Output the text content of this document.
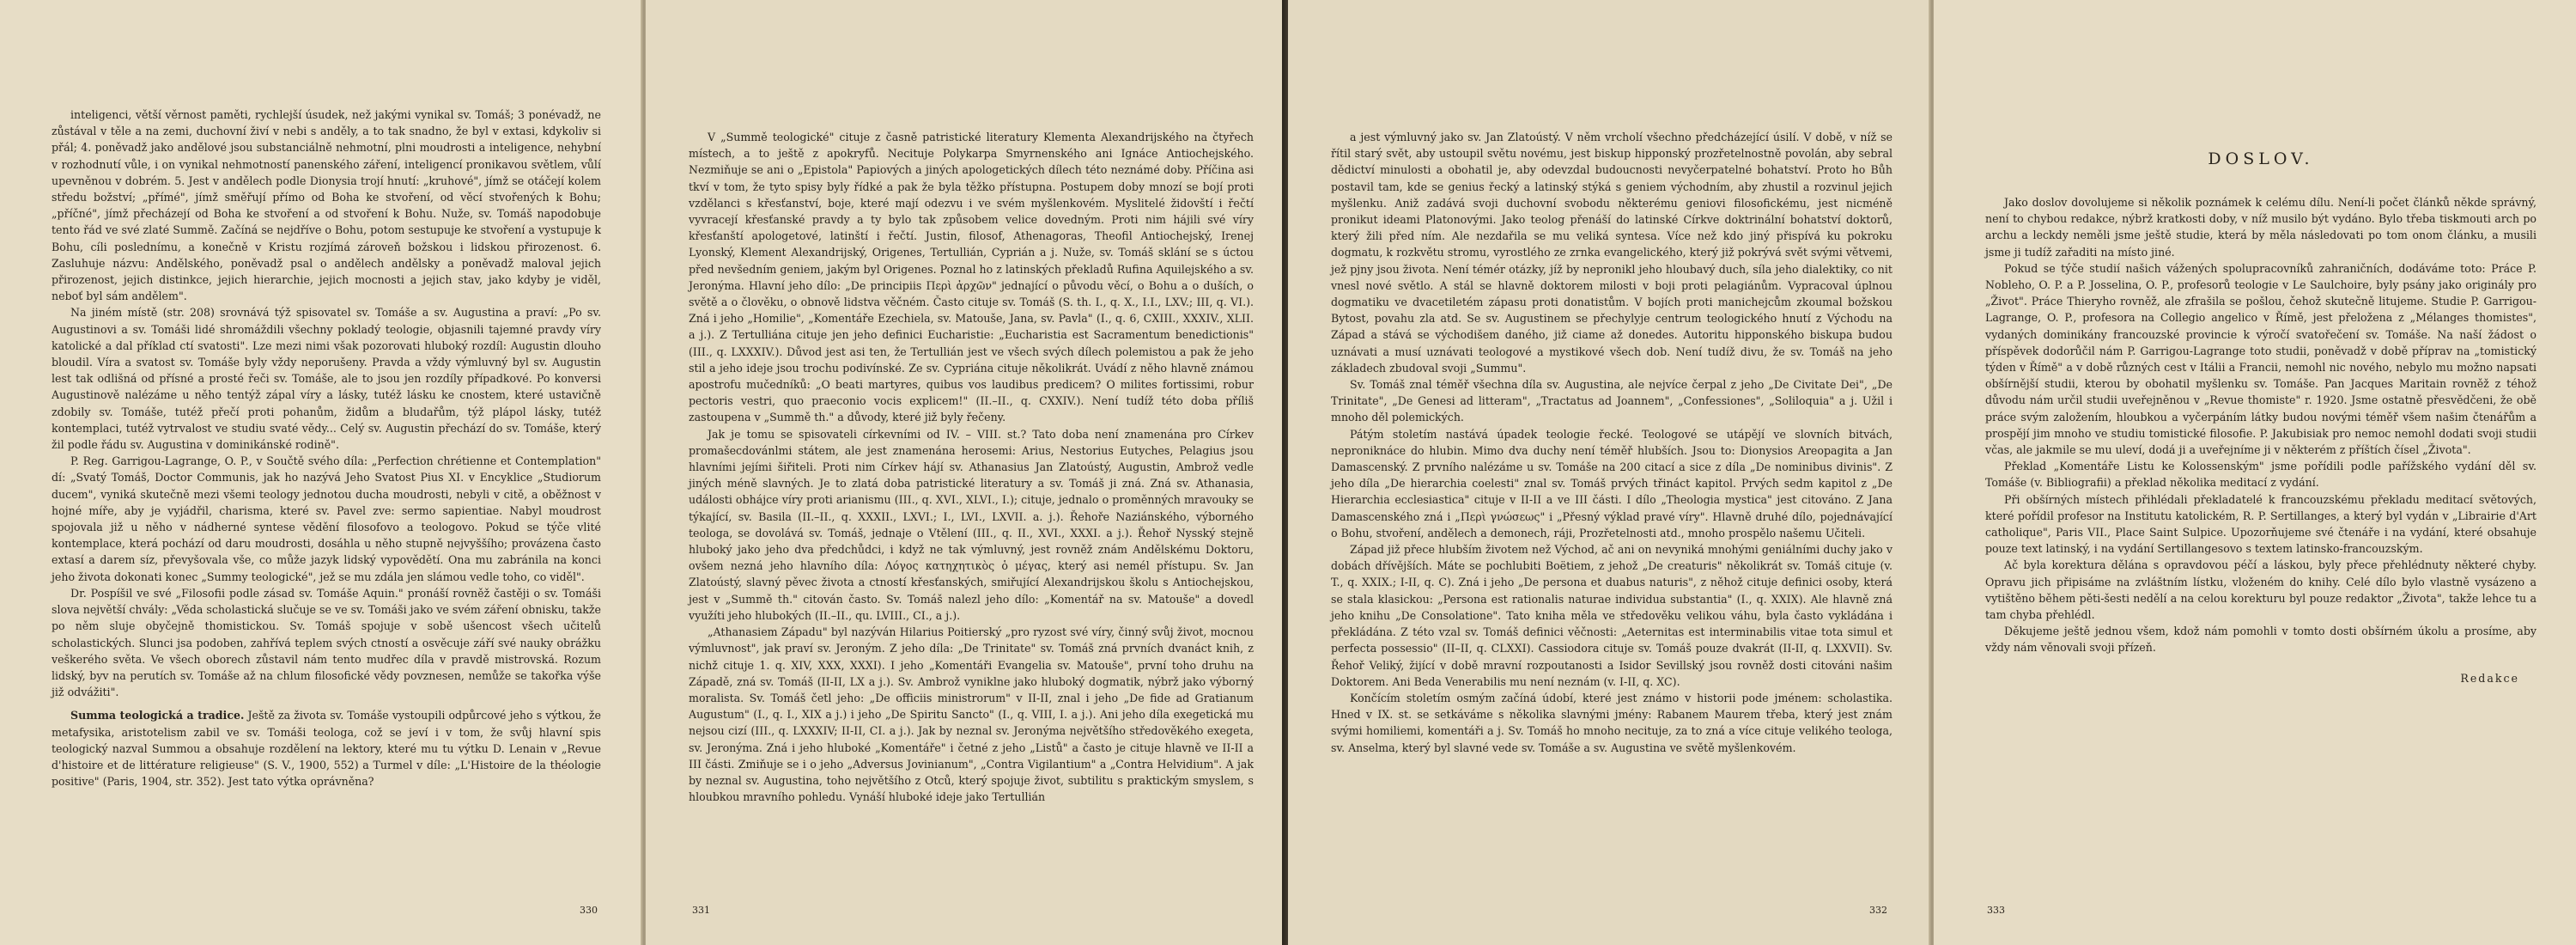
inteligenci, větší věrnost paměti, rychlejší úsudek, než jakými vynikal sv. Tomáš; 3 ponévadž, ne zůstával v těle a na zemi, duchovní živí v nebi s anděly, a to tak snadno, že byl v extasi, kdykoliv si přál; 4. poněvadž jako andělové jsou substanciálně nehmotní, plni moudrosti a inteligence, nehybní v rozhodnutí vůle, i on vynikal nehmotností panenského záření, inteligencí pronikavou světlem, vůlí upevněnou v dobrém. 5. Jest v andělech podle Dionysia trojí hnutí: „kruhové", jímž se otáčejí kolem středu božství; „přímé", jímž směřují přímo od Boha ke stvoření, od věcí stvořených k Bohu; „příčné", jímž přecházejí od Boha ke stvoření a od stvoření k Bohu. Nuže, sv. Tomáš napodobuje tento řád ve své zlaté Summě. Začíná se nejdříve o Bohu, potom sestupuje ke stvoření a vystupuje k Bohu, cíli poslednímu, a konečně v Kristu rozjímá zároveň božskou i lidskou přirozenost. 6. Zasluhuje názvu: Andělského, poněvadž psal o andělech andělsky a poněvadž maloval jejich přirozenost, jejich distinkce, jejich hierarchie, jejich mocnosti a jejich stav, jako kdyby je viděl, neboť byl sám andělem".

Na jiném místě (str. 208) srovnává týž spisovatel sv. Tomáše a sv. Augustina a praví: „Po sv. Augustinovi a sv. Tomáši lidé shromáždili všechny pokladý teologie, objasnili tajemné pravdy víry katolické a dal příklad ctí svatosti". Lze mezi nimi však pozorovati hluboký rozdíl: Augustin dlouho bloudil. Víra a svatost sv. Tomáše byly vždy neporušeny. Pravda a vždy výmluvný byl sv. Augustin lest tak odlišná od přísné a prosté řeči sv. Tomáše, ale to jsou jen rozdíly případkové. Po konversi Augustinově nalézáme u něho tentýž zápal víry a lásky, tutéž lásku ke cnostem, které ustavičně zdobily sv. Tomáše, tutéž přečí proti pohanům, židům a bludařům, týž plápol lásky, tutéž kontemplaci, tutéž vytrvalost ve studiu svaté vědy... Celý sv. Augustin přechází do sv. Tomáše, který žil podle řádu sv. Augustina v dominikánské rodině".

P. Reg. Garrigou-Lagrange, O. P., v Součtě svého díla: „Perfection chrétienne et Contemplation" dí: „Svatý Tomáš, Doctor Communis, jak ho nazývá Jeho Svatost Pius XI. v Encyklice „Studiorum ducem", vyniká skutečně mezi všemi teology jednotou ducha moudrosti, nebyli v citě, a oběžnost v hojné míře, aby je vyjádřil, charisma, které sv. Pavel zve: sermo sapientiae. Nabyl moudrost spojovala již u něho v nádherné syntese vědění filosofovo a teologovo. Pokud se týče vlité kontemplace, která pochází od daru moudrosti, dosáhla u něho stupně nejvyššího; provázena často extasí a darem síz, převyšovala vše, co může jazyk lidský vypovědětí. Ona mu zabránila na konci jeho života dokonati konec „Summy teologické", jež se mu zdála jen slámou vedle toho, co viděl".

Dr. Pospíšil ve své „Filosofii podle zásad sv. Tomáše Aquin." pronáší rovněž častěji o sv. Tomáši slova největší chvály: „Věda scholastická slučuje se ve sv. Tomáši jako ve svém záření obnisku, takže po něm sluje obyčejně thomistickou. Sv. Tomáš spojuje v sobě ušencost všech učitelů scholastických. Slunci jsa podoben, zahřívá teplem svých ctností a osvěcuje září své nauky obrážku veškerého světa. Ve všech oborech zůstavil nám tento mudřec díla v pravdě mistrovská. Rozum lidský, byv na perutích sv. Tomáše až na chlum filosofické vědy povznesen, nemůže se takořka výše již odvážiti".

Summa teologická a tradice. Ještě za života sv. Tomáše vystoupili odpůrcové jeho s výtkou, že metafysika, aristotelism zabil ve sv. Tomáši teologa, což se jeví i v tom, že svůj hlavní spis teologický nazval Summou a obsahuje rozdělení na lektory, které mu tu výtku D. Lenain v „Revue d'histoire et de littérature religieuse" (S. V., 1900, 552) a Turmel v díle: „L'Histoire de la théologie positive" (Paris, 1904, str. 352). Jest tato výtka oprávněna?

330

V „Summě teologické" cituje z časně patristické literatury Klementa Alexandrijského na čtyřech místech, a to ještě z apokryfů. Necituje Polykarpa Smyrnenského ani Ignáce Antiochejského. Nezmiňuje se ani o „Epistola" Papiových a jiných apologetických dílech této neznámé doby. Příčina asi tkví v tom, že tyto spisy byly řídké a pak že byla těžko přístupna. Postupem doby mnozí se bojí proti vzdělanci s křesťanství, boje, které mají odezvu i ve svém myšlenkovém. Myslitelé židovští i řečtí vyvracejí křesťanské pravdy a ty bylo tak způsobem velice dovedným. Proti nim hájili své víry křesťanští apologetové, latinští i řečtí. Justin, filosof, Athenagoras, Theofil Antiochejský, Irenej Lyonský, Klement Alexandrijský, Origenes, Tertullián, Cyprián a j. Nuže, sv. Tomáš sklání se s úctou před nevšedním geniem, jakým byl Origenes. Poznal ho z latinských překladů Rufina Aquilejského a sv. Jeronýma. Hlavní jeho dílo: „De principiis Περὶ ἀρχῶν" jednající o původu věcí, o Bohu a o duších, o světě a o člověku, o obnově lidstva věčném. Často cituje sv. Tomáš (S. th. I., q. X., I.I., LXV.; III, q. VI.). Zná i jeho „Homilie", „Komentáře Ezechiela, sv. Matouše, Jana, sv. Pavla" (I., q. 6, CXIII., XXXIV., XLII. a j.). Z Tertulliána cituje jen jeho definici Eucharistie: „Eucharistia est Sacramentum benedictionis" (III., q. LXXXIV.). Důvod jest asi ten, že Tertullián jest ve všech svých dílech polemistou a pak že jeho stil a jeho ideje jsou trochu podivínské. Ze sv. Cypriána cituje několikrát. Uvádí z něho hlavně známou apostrofu mučedníků: „O beati martyres, quibus vos laudibus predicem? O milites fortissimi, robur pectoris vestri, quo praeconio vocis explicem!" (II.–II., q. CXXIV.). Není tudíž této doba příliš zastoupena v „Summě th." a důvody, které již byly řečeny.

Jak je tomu se spisovateli církevními od IV. – VIII. st.? Tato doba není znamenána pro Církev promašecdovánlmi státem, ale jest znamenána herosemi: Arius, Nestorius Eutyches, Pelagius jsou hlavními jejími šiřiteli. Proti nim Církev hájí sv. Athanasius Jan Zlatoústý, Augustin, Ambrož vedle jiných méně slavných. Je to zlatá doba patristické literatury a sv. Tomáš ji zná. Zná sv. Athanasia, události obhájce víry proti arianismu (III., q. XVI., XLVI., I.); cituje, jednalo o proměnných mravouky se týkající, sv. Basila (II.–II., q. XXXII., LXVI.; I., LVI., LXVII. a. j.). Řehoře Naziánského, výborného teologa, se dovolává sv. Tomáš, jednaje o Vtělení (III., q. II., XVI., XXXI. a j.). Řehoř Nysský stejně hluboký jako jeho dva předchůdci, i když ne tak výmluvný, jest rovněž znám Andělskému Doktoru, ovšem nezná jeho hlavního díla: Λόγος κατηχητικὸς ὁ μέγας, který asi nemél přístupu. Sv. Jan Zlatoústý, slavný pěvec života a ctností křesťanských, smiřující Alexandrijskou školu s Antiochejskou, jest v „Summě th." citován často. Sv. Tomáš nalezl jeho dílo: „Komentář na sv. Matouše" a dovedl využíti jeho hlubokých (II.–II., qu. LVIII., CI., a j.).

„Athanasiem Západu" byl nazýván Hilarius Poitierský „pro ryzost své víry, činný svůj život, mocnou výmluvnost", jak praví sv. Jeroným. Z jeho díla: „De Trinitate" sv. Tomáš zná prvních dvanáct knih, z nichž cituje 1. q. XIV, XXX, XXXI). I jeho „Komentáři Evangelia sv. Matouše", první toho druhu na Západě, zná sv. Tomáš (II-II, LX a j.). Sv. Ambrož vyniklne jako hluboký dogmatik, nýbrž jako výborný moralista. Sv. Tomáš četl jeho: „De officiis ministrorum" v II-II, znal i jeho „De fide ad Gratianum Augustum" (I., q. I., XIX a j.) i jeho „De Spiritu Sancto" (I., q. VIII, I. a j.). Ani jeho díla exegetická mu nejsou cizí (III., q. LXXXIV; II-II, CI. a j.). Jak by neznal sv. Jeronýma největšího středověkého exegeta, sv. Jeronýma. Zná i jeho hluboké „Komentáře" i četné z jeho „Listů" a často je cituje hlavně ve II-II a III části. Zmiňuje se i o jeho „Adversus Jovinianum", „Contra Vigilantium" a „Contra Helvidium". A jak by neznal sv. Augustina, toho největšího z Otců, který spojuje život, subtilitu s praktickým smyslem, s hloubkou mravního pohledu. Vynáší hluboké ideje jako Tertullián

331

a jest výmluvný jako sv. Jan Zlatoústý. V něm vrcholí všechno předcházející úsilí. V době, v níž se řítil starý svět, aby ustoupil světu novému, jest biskup hipponský prozřetelnostně povolán, aby sebral dědictví minulosti a obohatil je, aby odevzdal budoucnosti nevyčerpatelné bohatství. Proto ho Bůh postavil tam, kde se genius řecký a latinský stýká s geniem východním, aby zhustil a rozvinul jejich myšlenku. Aniž zadává svoji duchovní svobodu některému geniovi filosofickému, jest nicméně pronikut ideami Platonovými. Jako teolog přenáší do latinské Církve doktrinální bohatství doktorů, který žili před ním. Ale nezdařila se mu veliká syntesa. Více než kdo jiný přispívá ku pokroku dogmatu, k rozkvětu stromu, vyrostlého ze zrnka evangelického, který již pokrývá svět svými větvemi, jež pjny jsou života. Není témér otázky, jíž by nepronikl jeho hloubavý duch, síla jeho dialektiky, co nit vnesl nové světlo. A stál se hlavně doktorem milosti v boji proti pelagiánům. Vypracoval úplnou dogmatiku ve dvacetiletém zápasu proti donatistům. V bojích proti manichejcům zkoumal božskou Bytost, povahu zla atd. Se sv. Augustinem se přechylyje centrum teologického hnutí z Východu na Západ a stává se východišem daného, již ciame až donedes. Autoritu hipponského biskupa budou uznávati a musí uznávati teologové a mystikové všech dob. Není tudíž divu, že sv. Tomáš na jeho základech zbudoval svoji „Summu".

Sv. Tomáš znal téměř všechna díla sv. Augustina, ale nejvíce čerpal z jeho „De Civitate Dei", „De Trinitate", „De Genesi ad litteram", „Tractatus ad Joannem", „Confessiones", „Soliloquia" a j. Užil i mnoho děl polemických.

Pátým stoletím nastává úpadek teologie řecké. Teologové se utápějí ve slovních bitvách, neproniknáce do hlubin. Mimo dva duchy není téměř hlubších. Jsou to: Dionysios Areopagita a Jan Damascenský. Z prvního nalézáme u sv. Tomáše na 200 citací a sice z díla „De nominibus divinis". Z jeho díla „De hierarchia coelesti" znal sv. Tomáš prvých třináct kapitol. Prvých sedm kapitol z „De Hierarchia ecclesiastica" cituje v II-II a ve III části. I dílo „Theologia mystica" jest citováno. Z Jana Damascenského zná i „Περὶ γνώσεως" i „Přesný výklad pravé víry". Hlavně druhé dílo, pojednávající o Bohu, stvoření, andělech a demonech, ráji, Prozřetelnosti atd., mnoho prospělo našemu Učiteli.

Západ již přece hlubším životem než Východ, ač ani on nevyniká mnohými geniálními duchy jako v dobách dřívějších. Máte se pochlubiti Boëtiem, z jehož „De creaturis" několikrát sv. Tomáš cituje (v. T., q. XXIX.; I-II, q. C). Zná i jeho „De persona et duabus naturis", z něhož cituje definici osoby, která se stala klasickou: „Persona est rationalis naturae individua substantia" (I., q. XXIX). Ale hlavně zná jeho knihu „De Consolatione". Tato kniha měla ve středověku velikou váhu, byla často vykládána i překládána. Z této vzal sv. Tomáš definici věčnosti: „Aeternitas est interminabilis vitae tota simul et perfecta possessio" (II–II, q. CLXXI). Cassiodora cituje sv. Tomáš pouze dvakrát (II-II, q. LXXVII). Sv. Řehoř Veliký, žijící v době mravní rozpoutanosti a Isidor Sevillský jsou rovněž dosti citováni našim Doktorem. Ani Beda Venerabilis mu není neznám (v. I-II, q. XC).

Končícím stoletím osmým začíná údobí, které jest známo v historii pode jménem: scholastika. Hned v IX. st. se setkáváme s několika slavnými jmény: Rabanem Maurem třeba, který jest znám svými homiliemi, komentáři a j. Sv. Tomáš ho mnoho necituje, za to zná a více cituje velikého teologa, sv. Anselma, který byl slavné vede sv. Tomáše a sv. Augustina ve světě myšlenkovém.

332
DOSLOV.

Jako doslov dovolujeme si několik poznámek k celému dílu. Není-li počet článků někde správný, není to chybou redakce, nýbrž kratkosti doby, v níž musilo být vydáno. Bylo třeba tiskmouti arch po archu a leckdy neměli jsme ještě studie, která by měla následovati po tom onom článku, a musili jsme ji tudíž zařaditi na místo jiné.

Pokud se týče studií našich vážených spolupracovníků zahraničních, dodáváme toto: Práce P. Nobleho, O. P. a P. Josselina, O. P., profesorů teologie v Le Saulchoire, byly psány jako originály pro „Život". Práce Thieryho rovněž, ale zfrašila se pošlou, čehož skutečně litujeme. Studie P. Garrigou-Lagrange, O. P., profesora na Collegio angelico v Římě, jest přeložena z „Mélanges thomistes", vydaných dominikány francouzské provincie k výročí svatořečení sv. Tomáše. Na naší žádost o příspěvek dodorůčil nám P. Garrigou-Lagrange toto studii, poněvadž v době příprav na „tomistický týden v Římě" a v době různých cest v Itálii a Francii, nemohl nic nového, nebylo mu možno napsati obšírnější studii, kterou by obohatil myšlenku sv. Tomáše. Pan Jacques Maritain rovněž z téhož důvodu nám určil studii uveřejněnou v „Revue thomiste" r. 1920. Jsme ostatně přesvědčeni, že obě práce svým založením, hloubkou a vyčerpáním látky budou novými téměř všem našim čtenářům a prospějí jim mnoho ve studiu tomistické filosofie. P. Jakubisiak pro nemoc nemohl dodati svoji studii včas, ale jakmile se mu uleví, dodá ji a uveřejníme ji v některém z příštích čísel „Života".

Překlad „Komentáře Listu ke Kolossenským" jsme pořídili podle pařížského vydání děl sv. Tomáše (v. Bibliografii) a překlad několika meditací z vydání.

Při obšírných místech přihlédali překladatelé k francouzskému překladu meditací světových, které pořídil profesor na Institutu katolickém, R. P. Sertillanges, a který byl vydán v „Librairie d'Art catholique", Paris VII., Place Saint Sulpice. Upozorňujeme své čtenáře i na vydání, které obsahuje pouze text latinský, i na vydání Sertillangesovo s textem latinsko-francouzským.

Ač byla korektura dělána s opravdovou péčí a láskou, byly přece přehlédnuty některé chyby. Opravu jich připisáme na zvláštním lístku, vloženém do knihy. Celé dílo bylo vlastně vysázeno a vytištěno během pěti-šesti nedělí a na celou korekturu byl pouze redaktor „Života", takže lehce tu a tam chyba přehlédl.

Děkujeme ještě jednou všem, kdož nám pomohli v tomto dosti obšírném úkolu a prosíme, aby vždy nám věnovali svoji přízeň.

Redakce
333
